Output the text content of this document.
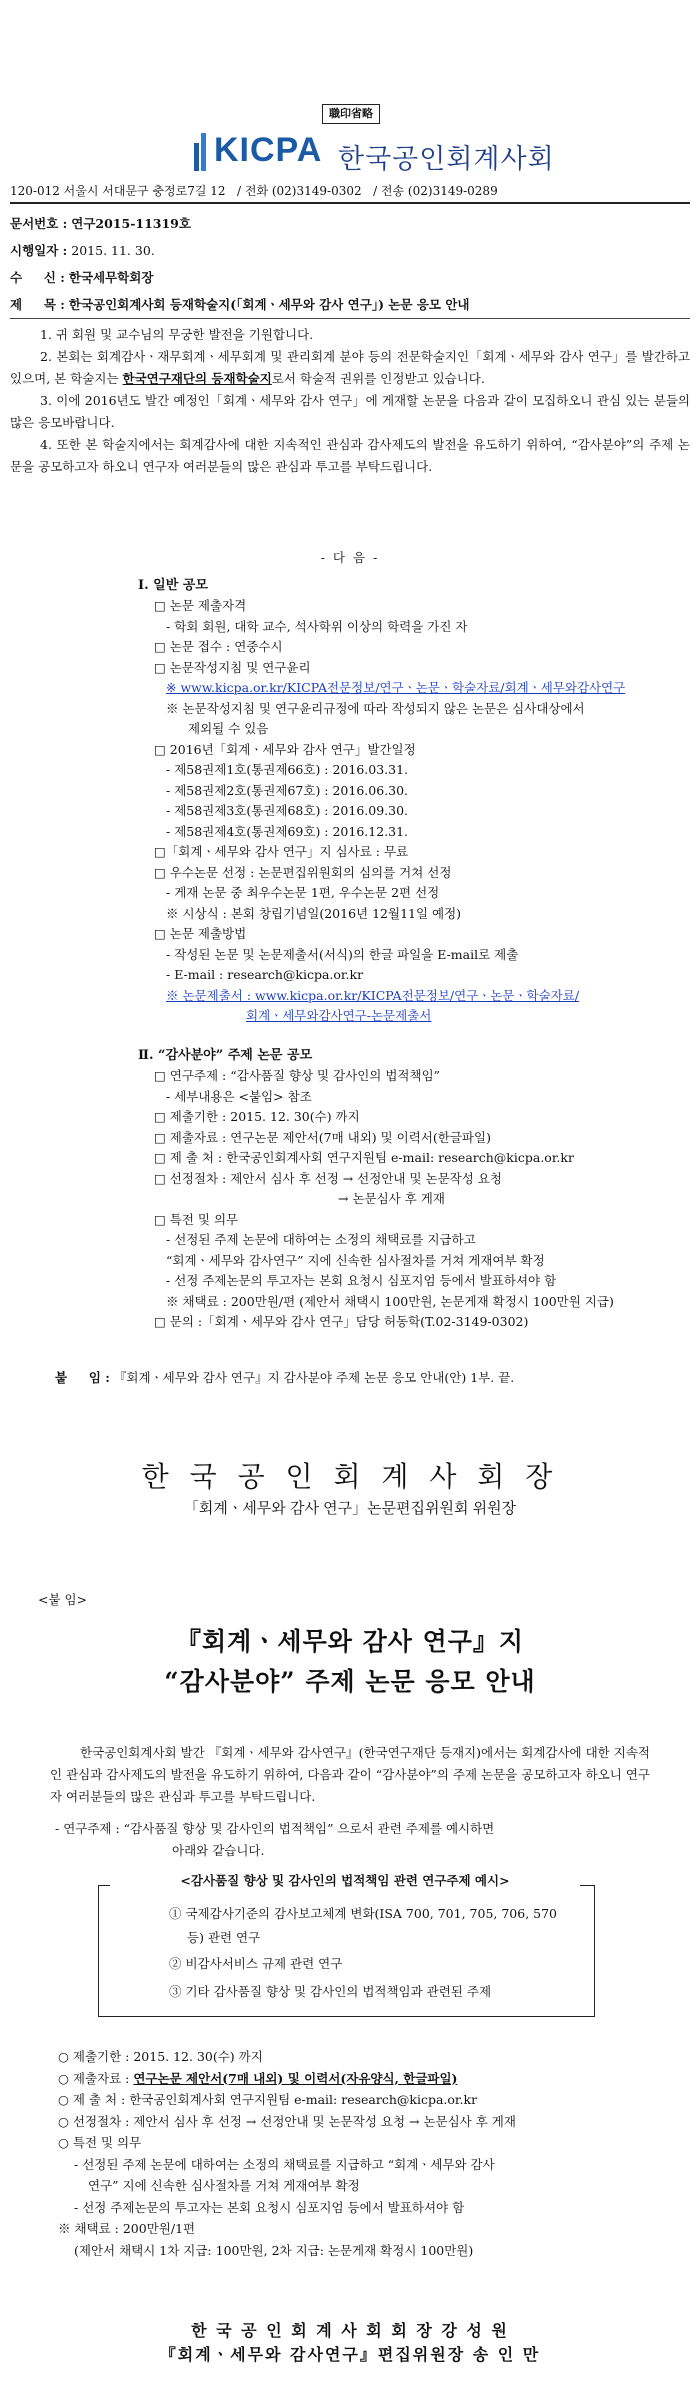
職印省略
KICPA 한국공인회계사회
120-012 서울시 서대문구 충정로7길 12 / 전화 (02)3149-0302 / 전송 (02)3149-0289
문서번호 : 연구2015-11319호
시행일자 : 2015. 11. 30.
수     신 : 한국세무학회장
제     목 : 한국공인회계사회 등재학술지(「회계ㆍ세무와 감사 연구」) 논문 응모 안내

1. 귀 회원 및 교수님의 무궁한 발전을 기원합니다.

2. 본회는 회계감사ㆍ재무회계ㆍ세무회계 및 관리회계 분야 등의 전문학술지인「회계ㆍ세무와 감사 연구」를 발간하고 있으며, 본 학술지는 한국연구재단의 등재학술지로서 학술적 권위를 인정받고 있습니다.

3. 이에 2016년도 발간 예정인「회계ㆍ세무와 감사 연구」에 게재할 논문을 다음과 같이 모집하오니 관심 있는 분들의 많은 응모바랍니다.

4. 또한 본 학술지에서는 회계감사에 대한 지속적인 관심과 감사제도의 발전을 유도하기 위하여, “감사분야”의 주제 논문을 공모하고자 하오니 연구자 여러분들의 많은 관심과 투고를 부탁드립니다.

- 다 음 -
Ⅰ. 일반 공모
□ 논문 제출자격
- 학회 회원, 대학 교수, 석사학위 이상의 학력을 가진 자
□ 논문 접수 : 연중수시
□ 논문작성지침 및 연구윤리
※ www.kicpa.or.kr/KICPA전문정보/연구ㆍ논문ㆍ학술자료/회계ㆍ세무와감사연구
※ 논문작성지침 및 연구윤리규정에 따라 작성되지 않은 논문은 심사대상에서
제외될 수 있음
□ 2016년「회계ㆍ세무와 감사 연구」발간일정
- 제58권제1호(통권제66호) : 2016.03.31.
- 제58권제2호(통권제67호) : 2016.06.30.
- 제58권제3호(통권제68호) : 2016.09.30.
- 제58권제4호(통권제69호) : 2016.12.31.
□「회계ㆍ세무와 감사 연구」지 심사료 : 무료
□ 우수논문 선정 : 논문편집위원회의 심의를 거쳐 선정
- 게재 논문 중 최우수논문 1편, 우수논문 2편 선정
※ 시상식 : 본회 창립기념일(2016년 12월11일 예정)
□ 논문 제출방법
- 작성된 논문 및 논문제출서(서식)의 한글 파일을 E-mail로 제출
- E-mail : research@kicpa.or.kr
※ 논문제출서 : www.kicpa.or.kr/KICPA전문정보/연구ㆍ논문ㆍ학술자료/
회계ㆍ세무와감사연구-논문제출서
Ⅱ. “감사분야” 주제 논문 공모
□ 연구주제 : “감사품질 향상 및 감사인의 법적책임”
- 세부내용은 <붙임> 참조
□ 제출기한 : 2015. 12. 30(수) 까지
□ 제출자료 : 연구논문 제안서(7매 내외) 및 이력서(한글파일)
□ 제 출 처 : 한국공인회계사회 연구지원팀 e-mail: research@kicpa.or.kr
□ 선정절차 : 제안서 심사 후 선정 → 선정안내 및 논문작성 요청
→ 논문심사 후 게재
□ 특전 및 의무
- 선정된 주제 논문에 대하여는 소정의 채택료를 지급하고
“회계ㆍ세무와 감사연구” 지에 신속한 심사절차를 거쳐 게재여부 확정
- 선정 주제논문의 투고자는 본회 요청시 심포지엄 등에서 발표하셔야 함
※ 채택료 : 200만원/편 (제안서 채택시 100만원, 논문게재 확정시 100만원 지급)
□ 문의 :「회계ㆍ세무와 감사 연구」담당 허동학(T.02-3149-0302)
붙     임 : 『회계ㆍ세무와 감사 연구』지 감사분야 주제 논문 응모 안내(안) 1부. 끝.
한 국 공 인 회 계 사 회 장
「회계ㆍ세무와 감사 연구」논문편집위원회 위원장
<붙 임>
『회계ㆍ세무와 감사 연구』지
“감사분야” 주제 논문 응모 안내

한국공인회계사회 발간 『회계ㆍ세무와 감사연구』(한국연구재단 등재지)에서는 회계감사에 대한 지속적인 관심과 감사제도의 발전을 유도하기 위하여, 다음과 같이 “감사분야”의 주제 논문을 공모하고자 하오니 연구자 여러분들의 많은 관심과 투고를 부탁드립니다.

- 연구주제 : “감사품질 향상 및 감사인의 법적책임” 으로서 관련 주제를 예시하면
아래와 같습니다.
① 국제감사기준의 감사보고체계 변화(ISA 700, 701, 705, 706, 570
등) 관련 연구
② 비감사서비스 규제 관련 연구
③ 기타 감사품질 향상 및 감사인의 법적책임과 관련된 주제
<감사품질 향상 및 감사인의 법적책임 관련 연구주제 예시>
○ 제출기한 : 2015. 12. 30(수) 까지
○ 제출자료 : 연구논문 제안서(7매 내외) 및 이력서(자유양식, 한글파일)
○ 제 출 처 : 한국공인회계사회 연구지원팀 e-mail: research@kicpa.or.kr
○ 선정절차 : 제안서 심사 후 선정 → 선정안내 및 논문작성 요청 → 논문심사 후 게재
○ 특전 및 의무
- 선정된 주제 논문에 대하여는 소정의 채택료를 지급하고 “회계ㆍ세무와 감사
연구” 지에 신속한 심사절차를 거쳐 게재여부 확정
- 선정 주제논문의 투고자는 본회 요청시 심포지엄 등에서 발표하셔야 함
※ 채택료 : 200만원/1편
(제안서 채택시 1차 지급: 100만원, 2차 지급: 논문게재 확정시 100만원)
한 국 공 인 회 계 사 회 회 장 강 성 원
『회계ㆍ세무와 감사연구』편집위원장 송 인 만
